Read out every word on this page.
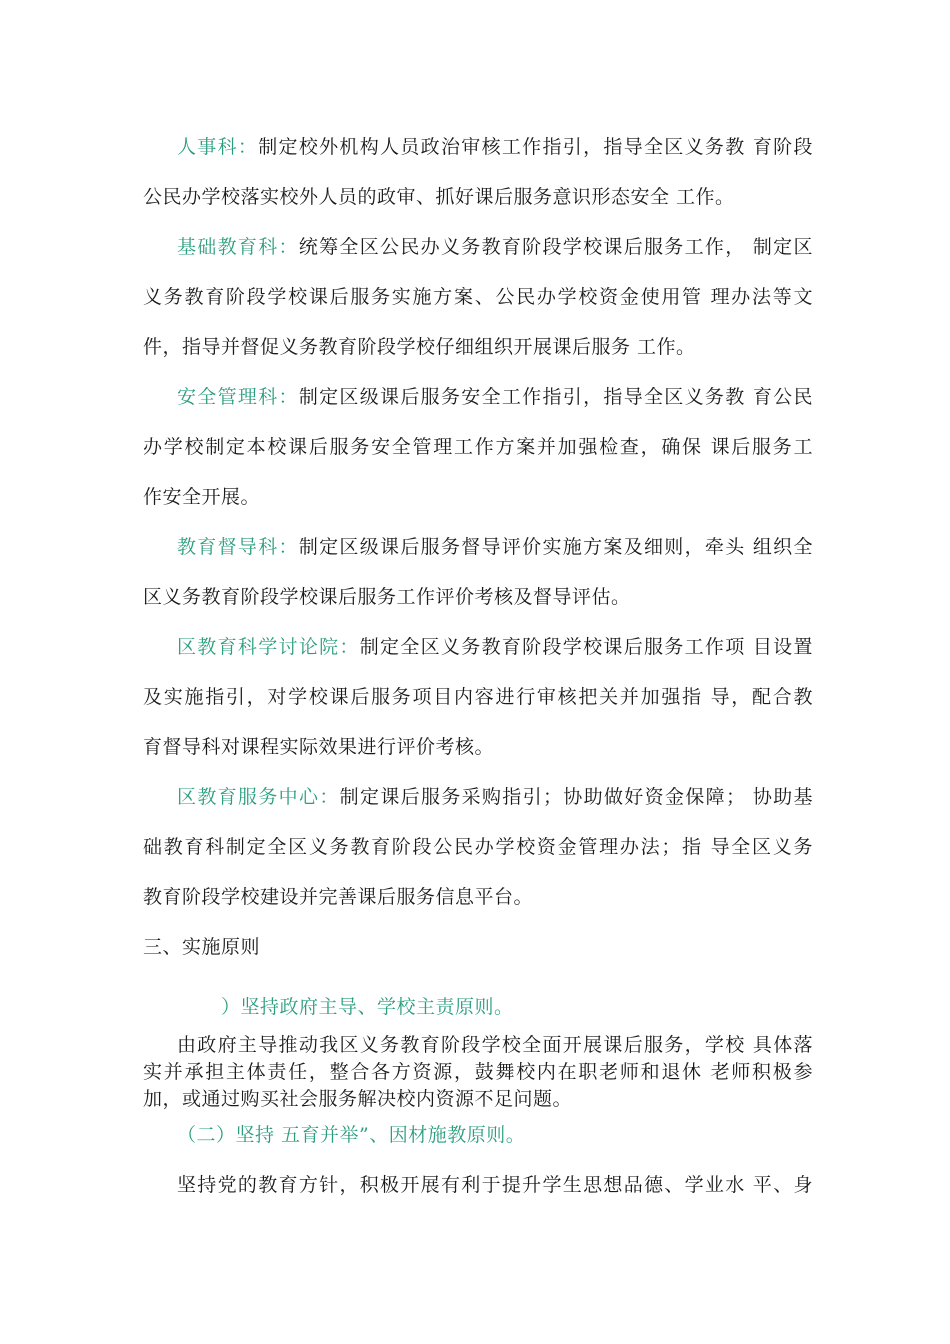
人事科：制定校外机构人员政治审核工作指引，指导全区义务教 育阶段
公民办学校落实校外人员的政审、抓好课后服务意识形态安全 工作。
基础教育科：统筹全区公民办义务教育阶段学校课后服务工作， 制定区
义务教育阶段学校课后服务实施方案、公民办学校资金使用管 理办法等文
件，指导并督促义务教育阶段学校仔细组织开展课后服务 工作。
安全管理科：制定区级课后服务安全工作指引，指导全区义务教 育公民
办学校制定本校课后服务安全管理工作方案并加强检查，确保 课后服务工
作安全开展。
教育督导科：制定区级课后服务督导评价实施方案及细则，牵头 组织全
区义务教育阶段学校课后服务工作评价考核及督导评估。
区教育科学讨论院：制定全区义务教育阶段学校课后服务工作项 目设置
及实施指引，对学校课后服务项目内容进行审核把关并加强指 导，配合教
育督导科对课程实际效果进行评价考核。
区教育服务中心：制定课后服务采购指引；协助做好资金保障； 协助基
础教育科制定全区义务教育阶段公民办学校资金管理办法；指 导全区义务
教育阶段学校建设并完善课后服务信息平台。
三、实施原则
）坚持政府主导、学校主责原则。
由政府主导推动我区义务教育阶段学校全面开展课后服务，学校 具体落
实并承担主体责任，整合各方资源，鼓舞校内在职老师和退休 老师积极参
加，或通过购买社会服务解决校内资源不足问题。
（二）坚持 五育并举”、因材施教原则。
坚持党的教育方针，积极开展有利于提升学生思想品德、学业水 平、身
